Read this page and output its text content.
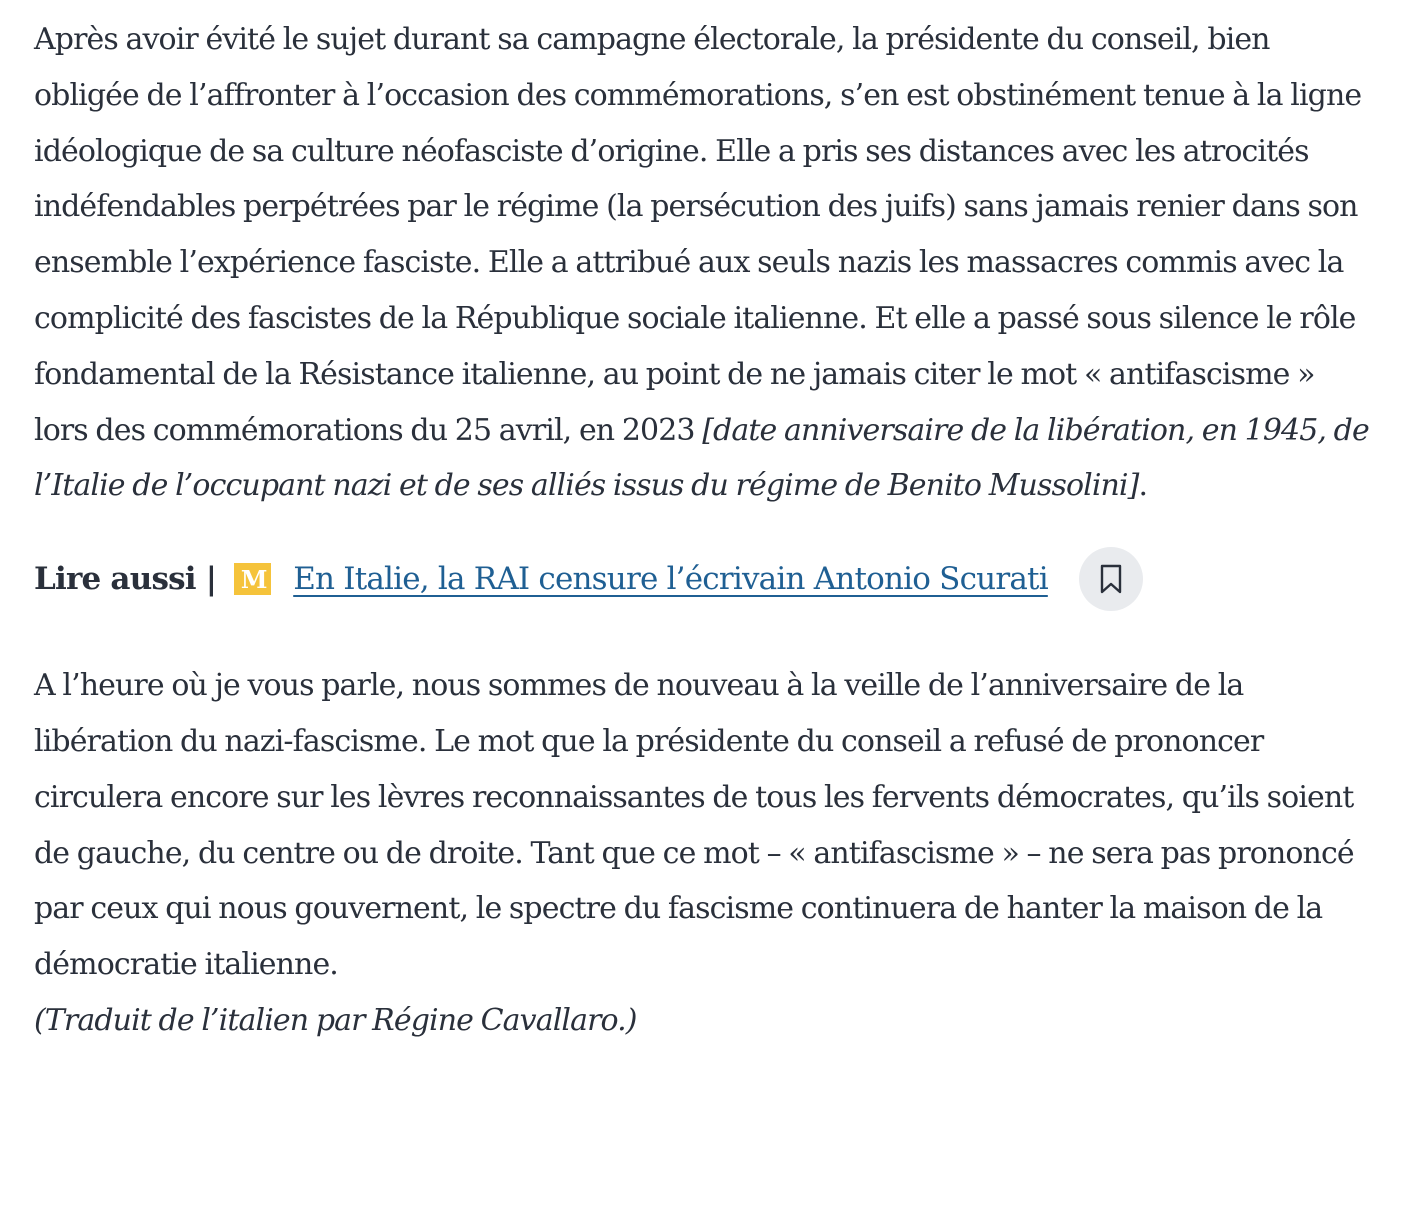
Après avoir évité le sujet durant sa campagne électorale, la présidente du conseil, bien obligée de l’affronter à l’occasion des commémorations, s’en est obstinément tenue à la ligne idéologique de sa culture néofasciste d’origine. Elle a pris ses distances avec les atrocités indéfendables perpétrées par le régime (la persécution des juifs) sans jamais renier dans son ensemble l’expérience fasciste. Elle a attribué aux seuls nazis les massacres commis avec la complicité des fascistes de la République sociale italienne. Et elle a passé sous silence le rôle fondamental de la Résistance italienne, au point de ne jamais citer le mot « antifascisme » lors des commémorations du 25 avril, en 2023 [date anniversaire de la libération, en 1945, de l’Italie de l’occupant nazi et de ses alliés issus du régime de Benito Mussolini].

Lire aussi | M En Italie, la RAI censure l’écrivain Antonio Scurati

A l’heure où je vous parle, nous sommes de nouveau à la veille de l’anniversaire de la libération du nazi-fascisme. Le mot que la présidente du conseil a refusé de prononcer circulera encore sur les lèvres reconnaissantes de tous les fervents démocrates, qu’ils soient de gauche, du centre ou de droite. Tant que ce mot – « antifascisme » – ne sera pas prononcé par ceux qui nous gouvernent, le spectre du fascisme continuera de hanter la maison de la démocratie italienne.

(Traduit de l’italien par Régine Cavallaro.)
